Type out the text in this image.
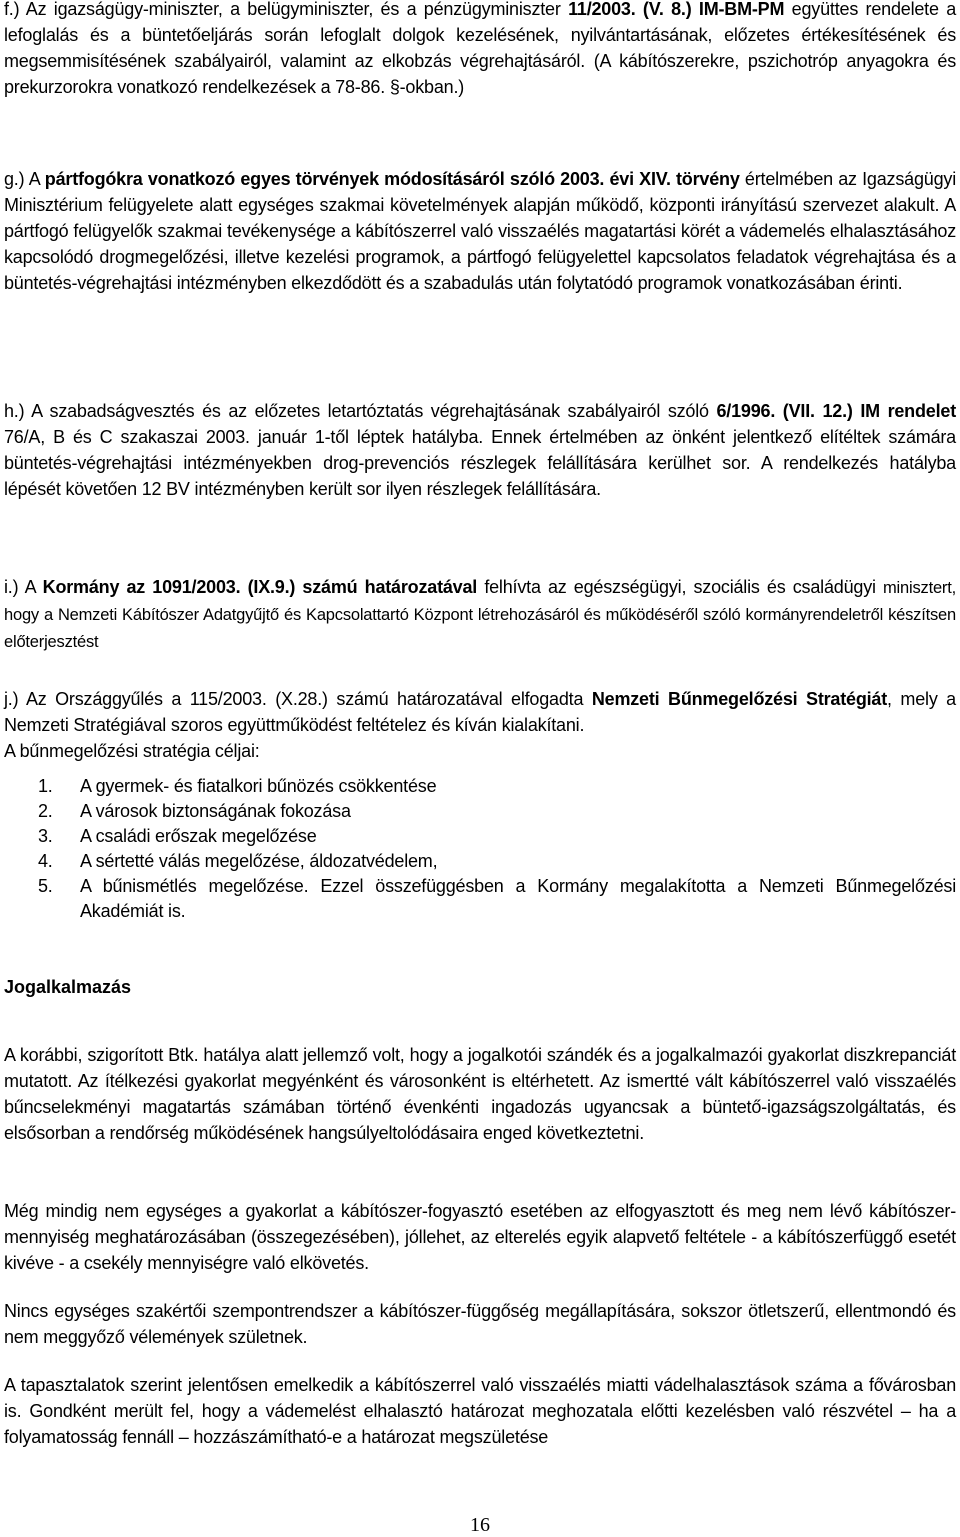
f.) Az igazságügy-miniszter, a belügyminiszter, és a pénzügyminiszter 11/2003. (V. 8.) IM-BM-PM együttes rendelete a lefoglalás és a büntetőeljárás során lefoglalt dolgok kezelésének, nyilvántartásának, előzetes értékesítésének és megsemmisítésének szabályairól, valamint az elkobzás végrehajtásáról. (A kábítószerekre, pszichotróp anyagokra és prekurzorokra vonatkozó rendelkezések a 78-86. §-okban.)

g.) A pártfogókra vonatkozó egyes törvények módosításáról szóló 2003. évi XIV. törvény értelmében az Igazságügyi Minisztérium felügyelete alatt egységes szakmai követelmények alapján működő, központi irányítású szervezet alakult. A pártfogó felügyelők szakmai tevékenysége a kábítószerrel való visszaélés magatartási körét a vádemelés elhalasztásához kapcsolódó drogmegelőzési, illetve kezelési programok, a pártfogó felügyelettel kapcsolatos feladatok végrehajtása és a büntetés-végrehajtási intézményben elkezdődött és a szabadulás után folytatódó programok vonatkozásában érinti.

h.) A szabadságvesztés és az előzetes letartóztatás végrehajtásának szabályairól szóló 6/1996. (VII. 12.) IM rendelet 76/A, B és C szakaszai 2003. január 1-től léptek hatályba. Ennek értelmében az önként jelentkező elítéltek számára büntetés-végrehajtási intézményekben drog-prevenciós részlegek felállítására kerülhet sor. A rendelkezés hatályba lépését követően 12 BV intézményben került sor ilyen részlegek felállítására.

i.) A Kormány az 1091/2003. (IX.9.) számú határozatával felhívta az egészségügyi, szociális és családügyi minisztert, hogy a Nemzeti Kábítószer Adatgyűjtő és Kapcsolattartó Központ létrehozásáról és működéséről szóló kormányrendeletről készítsen előterjesztést

j.) Az Országgyűlés a 115/2003. (X.28.) számú határozatával elfogadta Nemzeti Bűnmegelőzési Stratégiát, mely a Nemzeti Stratégiával szoros együttműködést feltételez és kíván kialakítani.
A bűnmegelőzési stratégia céljai:

1. A gyermek- és fiatalkori bűnözés csökkentése
2. A városok biztonságának fokozása
3. A családi erőszak megelőzése
4. A sértetté válás megelőzése, áldozatvédelem,
5. A bűnismétlés megelőzése. Ezzel összefüggésben a Kormány megalakította a Nemzeti Bűnmegelőzési Akadémiát is.
Jogalkalmazás

A korábbi, szigorított Btk. hatálya alatt jellemző volt, hogy a jogalkotói szándék és a jogalkalmazói gyakorlat diszkrepanciát mutatott. Az ítélkezési gyakorlat megyénként és városonként is eltérhetett. Az ismertté vált kábítószerrel való visszaélés bűncselekményi magatartás számában történő évenkénti ingadozás ugyancsak a büntető-igazságszolgáltatás, és elsősorban a rendőrség működésének hangsúlyeltolódásaira enged következtetni.

Még mindig nem egységes a gyakorlat a kábítószer-fogyasztó esetében az elfogyasztott és meg nem lévő kábítószer-mennyiség meghatározásában (összegezésében), jóllehet, az elterelés egyik alapvető feltétele - a kábítószerfüggő esetét kivéve - a csekély mennyiségre való elkövetés.

Nincs egységes szakértői szempontrendszer a kábítószer-függőség megállapítására, sokszor ötletszerű, ellentmondó és nem meggyőző vélemények születnek.

A tapasztalatok szerint jelentősen emelkedik a kábítószerrel való visszaélés miatti vádelhalasztások száma a fővárosban is. Gondként merült fel, hogy a vádemelést elhalasztó határozat meghozatala előtti kezelésben való részvétel – ha a folyamatosság fennáll – hozzászámítható-e a határozat megszületése

16
